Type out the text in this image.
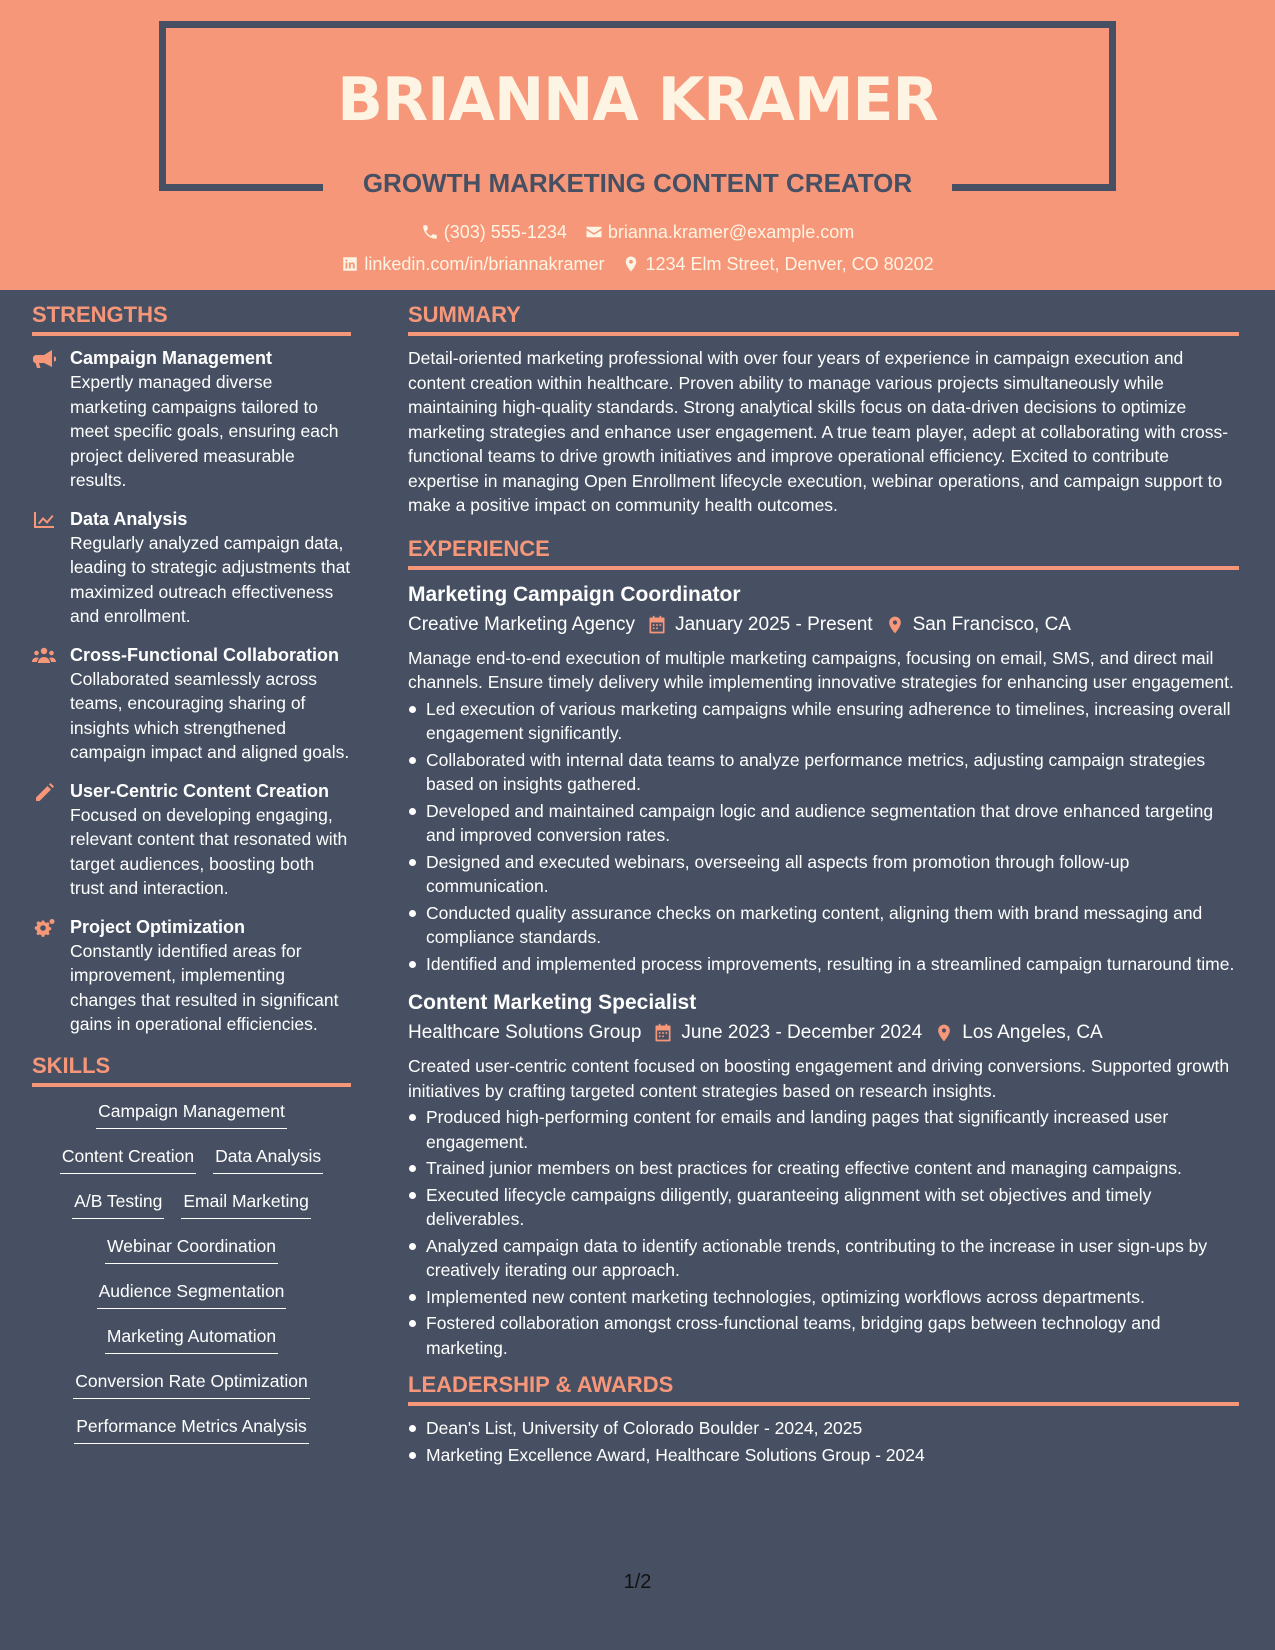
BRIANNA KRAMER
GROWTH MARKETING CONTENT CREATOR
(303) 555-1234 brianna.kramer@example.com
linkedin.com/in/briannakramer 1234 Elm Street, Denver, CO 80202
STRENGTHS
Campaign Management
Expertly managed diverse marketing campaigns tailored to meet specific goals, ensuring each project delivered measurable results.
Data Analysis
Regularly analyzed campaign data, leading to strategic adjustments that maximized outreach effectiveness and enrollment.
Cross-Functional Collaboration
Collaborated seamlessly across teams, encouraging sharing of insights which strengthened campaign impact and aligned goals.
User-Centric Content Creation
Focused on developing engaging, relevant content that resonated with target audiences, boosting both trust and interaction.
Project Optimization
Constantly identified areas for improvement, implementing changes that resulted in significant gains in operational efficiencies.
SKILLS
Campaign Management
Content Creation Data Analysis
A/B Testing Email Marketing
Webinar Coordination
Audience Segmentation
Marketing Automation
Conversion Rate Optimization
Performance Metrics Analysis
SUMMARY
Detail-oriented marketing professional with over four years of experience in campaign execution and content creation within healthcare. Proven ability to manage various projects simultaneously while maintaining high-quality standards. Strong analytical skills focus on data-driven decisions to optimize marketing strategies and enhance user engagement. A true team player, adept at collaborating with cross-functional teams to drive growth initiatives and improve operational efficiency. Excited to contribute expertise in managing Open Enrollment lifecycle execution, webinar operations, and campaign support to make a positive impact on community health outcomes.
EXPERIENCE
Marketing Campaign Coordinator
Creative Marketing Agency January 2025 - Present San Francisco, CA
Manage end-to-end execution of multiple marketing campaigns, focusing on email, SMS, and direct mail channels. Ensure timely delivery while implementing innovative strategies for enhancing user engagement.
Led execution of various marketing campaigns while ensuring adherence to timelines, increasing overall engagement significantly.
Collaborated with internal data teams to analyze performance metrics, adjusting campaign strategies based on insights gathered.
Developed and maintained campaign logic and audience segmentation that drove enhanced targeting and improved conversion rates.
Designed and executed webinars, overseeing all aspects from promotion through follow-up communication.
Conducted quality assurance checks on marketing content, aligning them with brand messaging and compliance standards.
Identified and implemented process improvements, resulting in a streamlined campaign turnaround time.
Content Marketing Specialist
Healthcare Solutions Group June 2023 - December 2024 Los Angeles, CA
Created user-centric content focused on boosting engagement and driving conversions. Supported growth initiatives by crafting targeted content strategies based on research insights.
Produced high-performing content for emails and landing pages that significantly increased user engagement.
Trained junior members on best practices for creating effective content and managing campaigns.
Executed lifecycle campaigns diligently, guaranteeing alignment with set objectives and timely deliverables.
Analyzed campaign data to identify actionable trends, contributing to the increase in user sign-ups by creatively iterating our approach.
Implemented new content marketing technologies, optimizing workflows across departments.
Fostered collaboration amongst cross-functional teams, bridging gaps between technology and marketing.
LEADERSHIP & AWARDS
Dean's List, University of Colorado Boulder - 2024, 2025
Marketing Excellence Award, Healthcare Solutions Group - 2024
1/2
